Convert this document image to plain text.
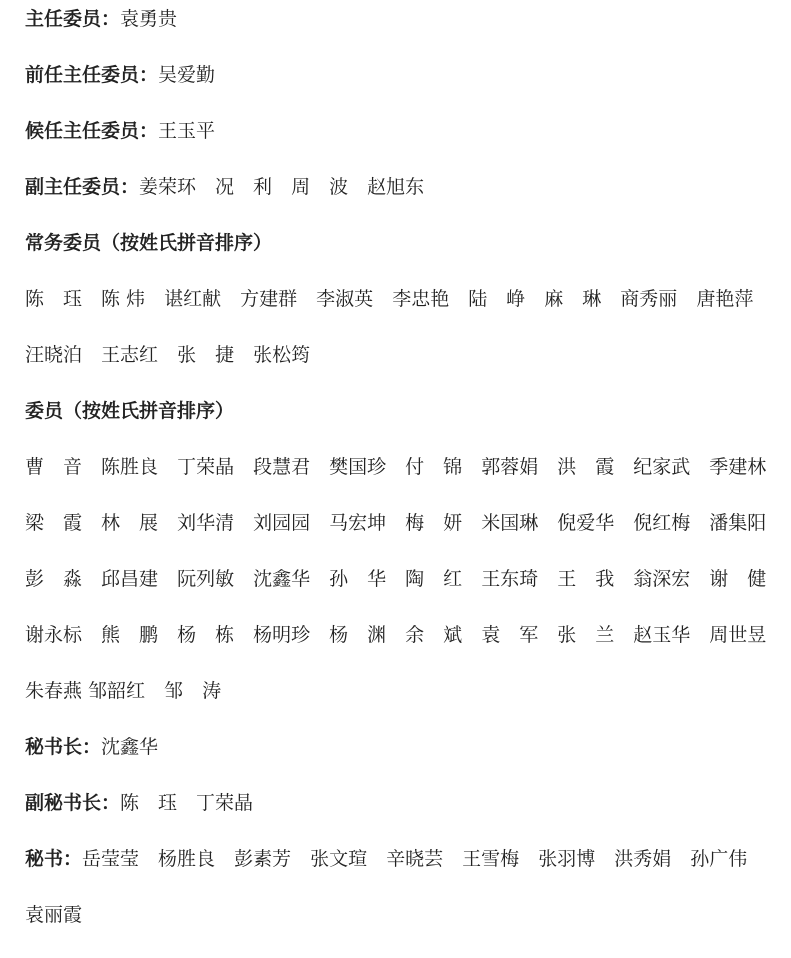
主任委员：袁勇贵
前任主任委员：吴爱勤
候任主任委员：王玉平
副主任委员：姜荣环　 况　利　 周　波　 赵旭东
常务委员（按姓氏拼音排序）
陈　珏　 陈 炜　 谌红献　 方建群　 李淑英　 李忠艳　 陆　峥　 麻　琳　 商秀丽　 唐艳萍
汪晓泊　 王志红　 张　捷　 张松筠
委员（按姓氏拼音排序）
曹　音　 陈胜良　 丁荣晶　 段慧君　 樊国珍　 付　锦　 郭蓉娟　 洪　霞　 纪家武　 季建林
梁　霞　 林　展　 刘华清　 刘园园　 马宏坤　 梅　妍　 米国琳　 倪爱华　 倪红梅　 潘集阳
彭　淼　 邱昌建　 阮列敏　 沈鑫华　 孙　华　 陶　红　 王东琦　 王　我　 翁深宏　 谢　健
谢永标　 熊　鹏　 杨　栋　 杨明珍　 杨　渊　 余　斌　 袁　军　 张　兰　 赵玉华　 周世昱
朱春燕 邹韶红　 邹　涛
秘书长：沈鑫华
副秘书长：陈　珏　 丁荣晶
秘书：岳莹莹　 杨胜良　 彭素芳　 张文瑄　 辛晓芸　 王雪梅　 张羽博　 洪秀娟　 孙广伟
袁丽霞
